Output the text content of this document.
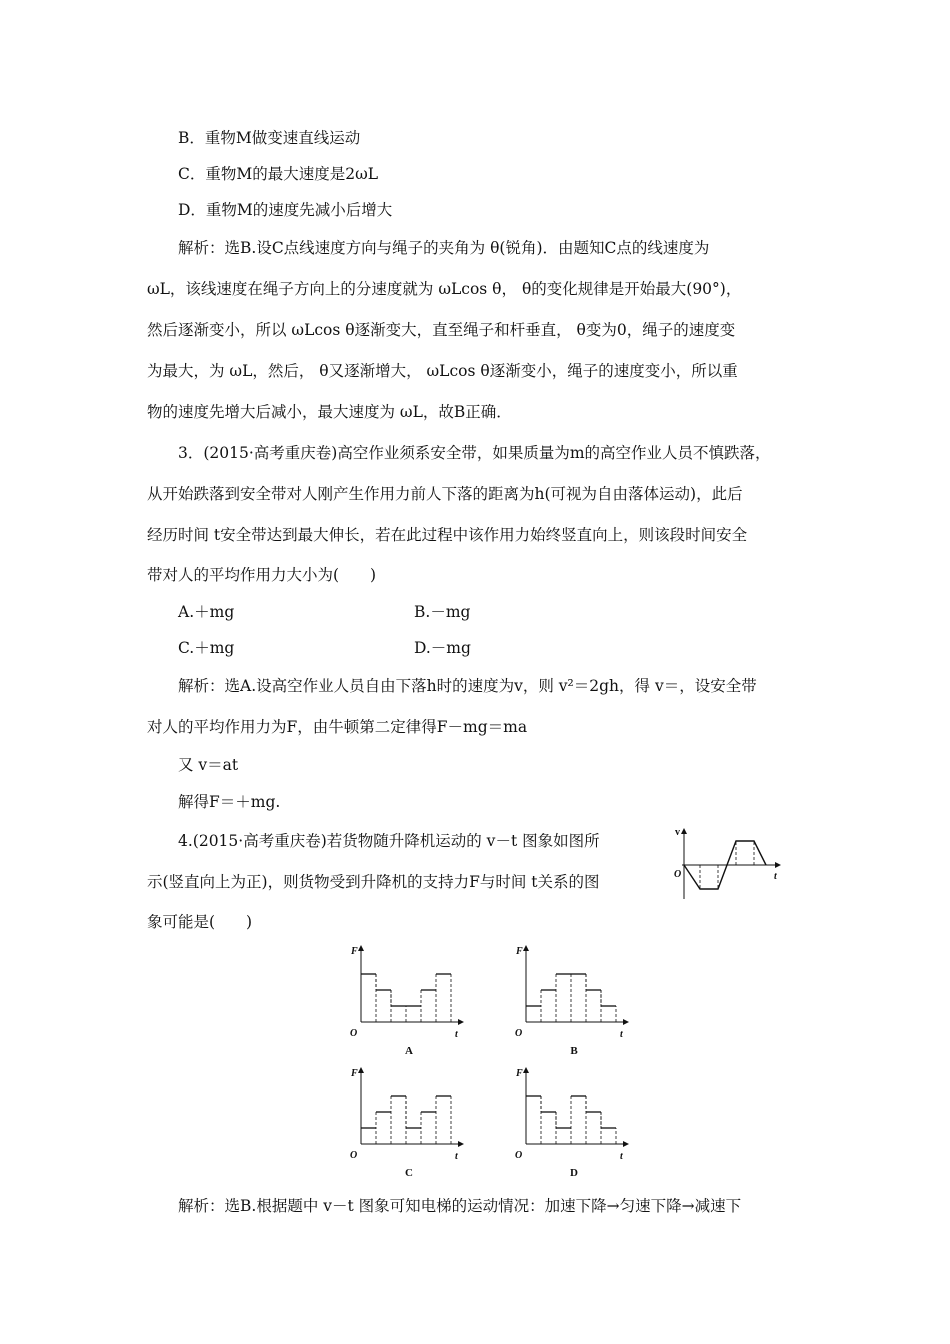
B．重物M做变速直线运动
C．重物M的最大速度是2ωL
D．重物M的速度先减小后增大
解析：选B.设C点线速度方向与绳子的夹角为 θ(锐角)．由题知C点的线速度为
ωL，该线速度在绳子方向上的分速度就为 ωLcos θ， θ的变化规律是开始最大(90°)，
然后逐渐变小，所以 ωLcos θ逐渐变大，直至绳子和杆垂直， θ变为0，绳子的速度变
为最大，为 ωL，然后， θ又逐渐增大， ωLcos θ逐渐变小，绳子的速度变小，所以重
物的速度先增大后减小，最大速度为 ωL，故B正确．
3．(2015·高考重庆卷)高空作业须系安全带，如果质量为m的高空作业人员不慎跌落，
从开始跌落到安全带对人刚产生作用力前人下落的距离为h(可视为自由落体运动)，此后
经历时间 t安全带达到最大伸长，若在此过程中该作用力始终竖直向上，则该段时间安全
带对人的平均作用力大小为(　　)
A.＋mg	B.－mg
C.＋mg	D.－mg
解析：选A.设高空作业人员自由下落h时的速度为v，则 v²＝2gh，得 v＝，设安全带
对人的平均作用力为F，由牛顿第二定律得F－mg＝ma
又 v＝at
解得F＝＋mg.
4.(2015·高考重庆卷)若货物随升降机运动的 v－t 图象如图所
示(竖直向上为正)，则货物受到升降机的支持力F与时间 t关系的图
象可能是(　　)
解析：选B.根据题中 v－t 图象可知电梯的运动情况：加速下降→匀速下降→减速下
v
t
O
F
t
O
A
F
t
O
B
F
t
O
C
F
t
O
D
